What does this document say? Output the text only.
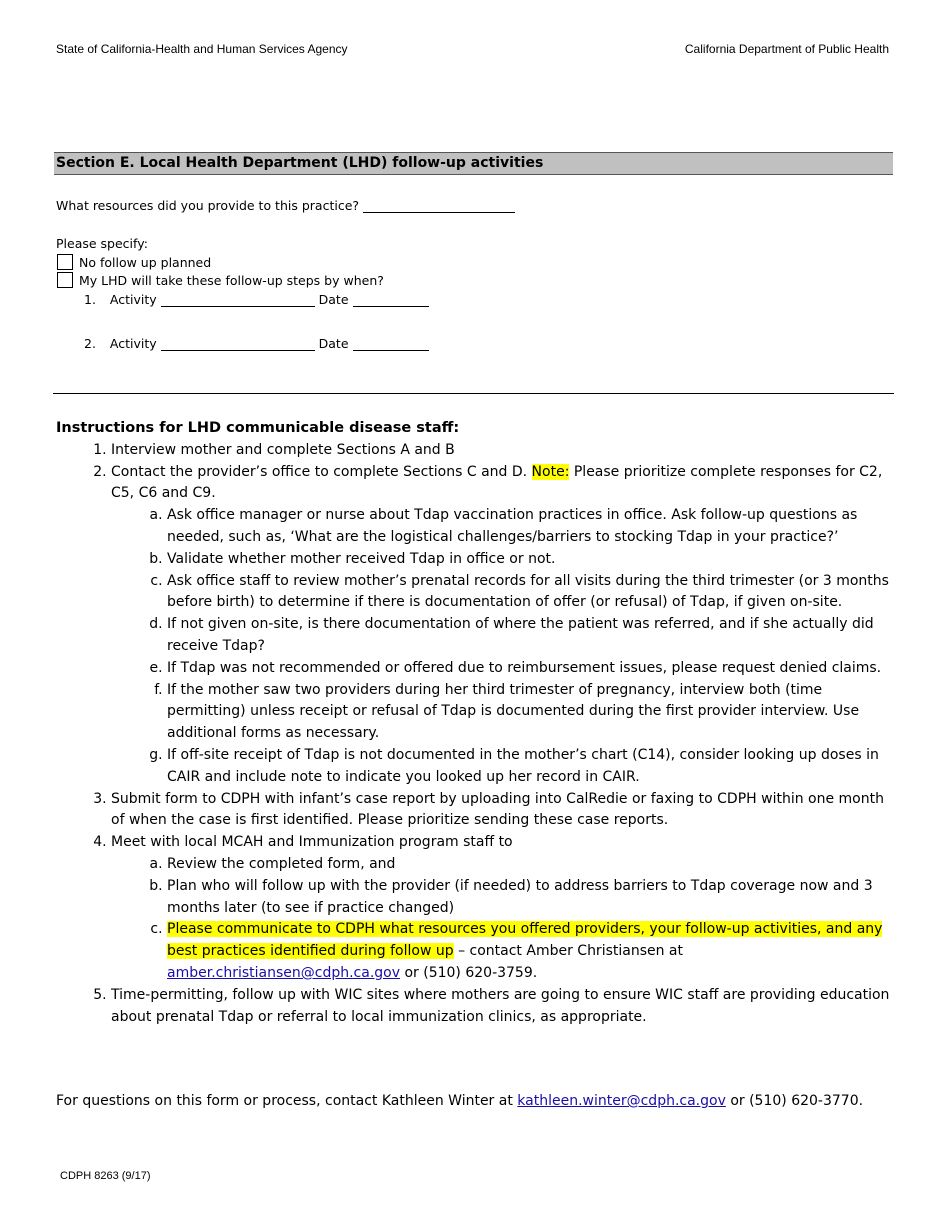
State of California-Health and Human Services Agency	California Department of Public Health
Section E. Local Health Department (LHD) follow-up activities
What resources did you provide to this practice?
Please specify:
No follow up planned
My LHD will take these follow-up steps by when?
1. Activity	Date
2. Activity	Date
Instructions for LHD communicable disease staff:
1. Interview mother and complete Sections A and B
2. Contact the provider’s office to complete Sections C and D. Note: Please prioritize complete responses for C2, C5, C6 and C9.
a. Ask office manager or nurse about Tdap vaccination practices in office. Ask follow-up questions as needed, such as, ‘What are the logistical challenges/barriers to stocking Tdap in your practice?’
b. Validate whether mother received Tdap in office or not.
c. Ask office staff to review mother’s prenatal records for all visits during the third trimester (or 3 months before birth) to determine if there is documentation of offer (or refusal) of Tdap, if given on-site.
d. If not given on-site, is there documentation of where the patient was referred, and if she actually did receive Tdap?
e. If Tdap was not recommended or offered due to reimbursement issues, please request denied claims.
f. If the mother saw two providers during her third trimester of pregnancy, interview both (time permitting) unless receipt or refusal of Tdap is documented during the first provider interview. Use additional forms as necessary.
g. If off-site receipt of Tdap is not documented in the mother’s chart (C14), consider looking up doses in CAIR and include note to indicate you looked up her record in CAIR.
3. Submit form to CDPH with infant’s case report by uploading into CalRedie or faxing to CDPH within one month of when the case is first identified. Please prioritize sending these case reports.
4. Meet with local MCAH and Immunization program staff to
a. Review the completed form, and
b. Plan who will follow up with the provider (if needed) to address barriers to Tdap coverage now and 3 months later (to see if practice changed)
c. Please communicate to CDPH what resources you offered providers, your follow-up activities, and any best practices identified during follow up – contact Amber Christiansen at amber.christiansen@cdph.ca.gov or (510) 620-3759.
5. Time-permitting, follow up with WIC sites where mothers are going to ensure WIC staff are providing education about prenatal Tdap or referral to local immunization clinics, as appropriate.
For questions on this form or process, contact Kathleen Winter at kathleen.winter@cdph.ca.gov or (510) 620-3770.
CDPH 8263 (9/17)
